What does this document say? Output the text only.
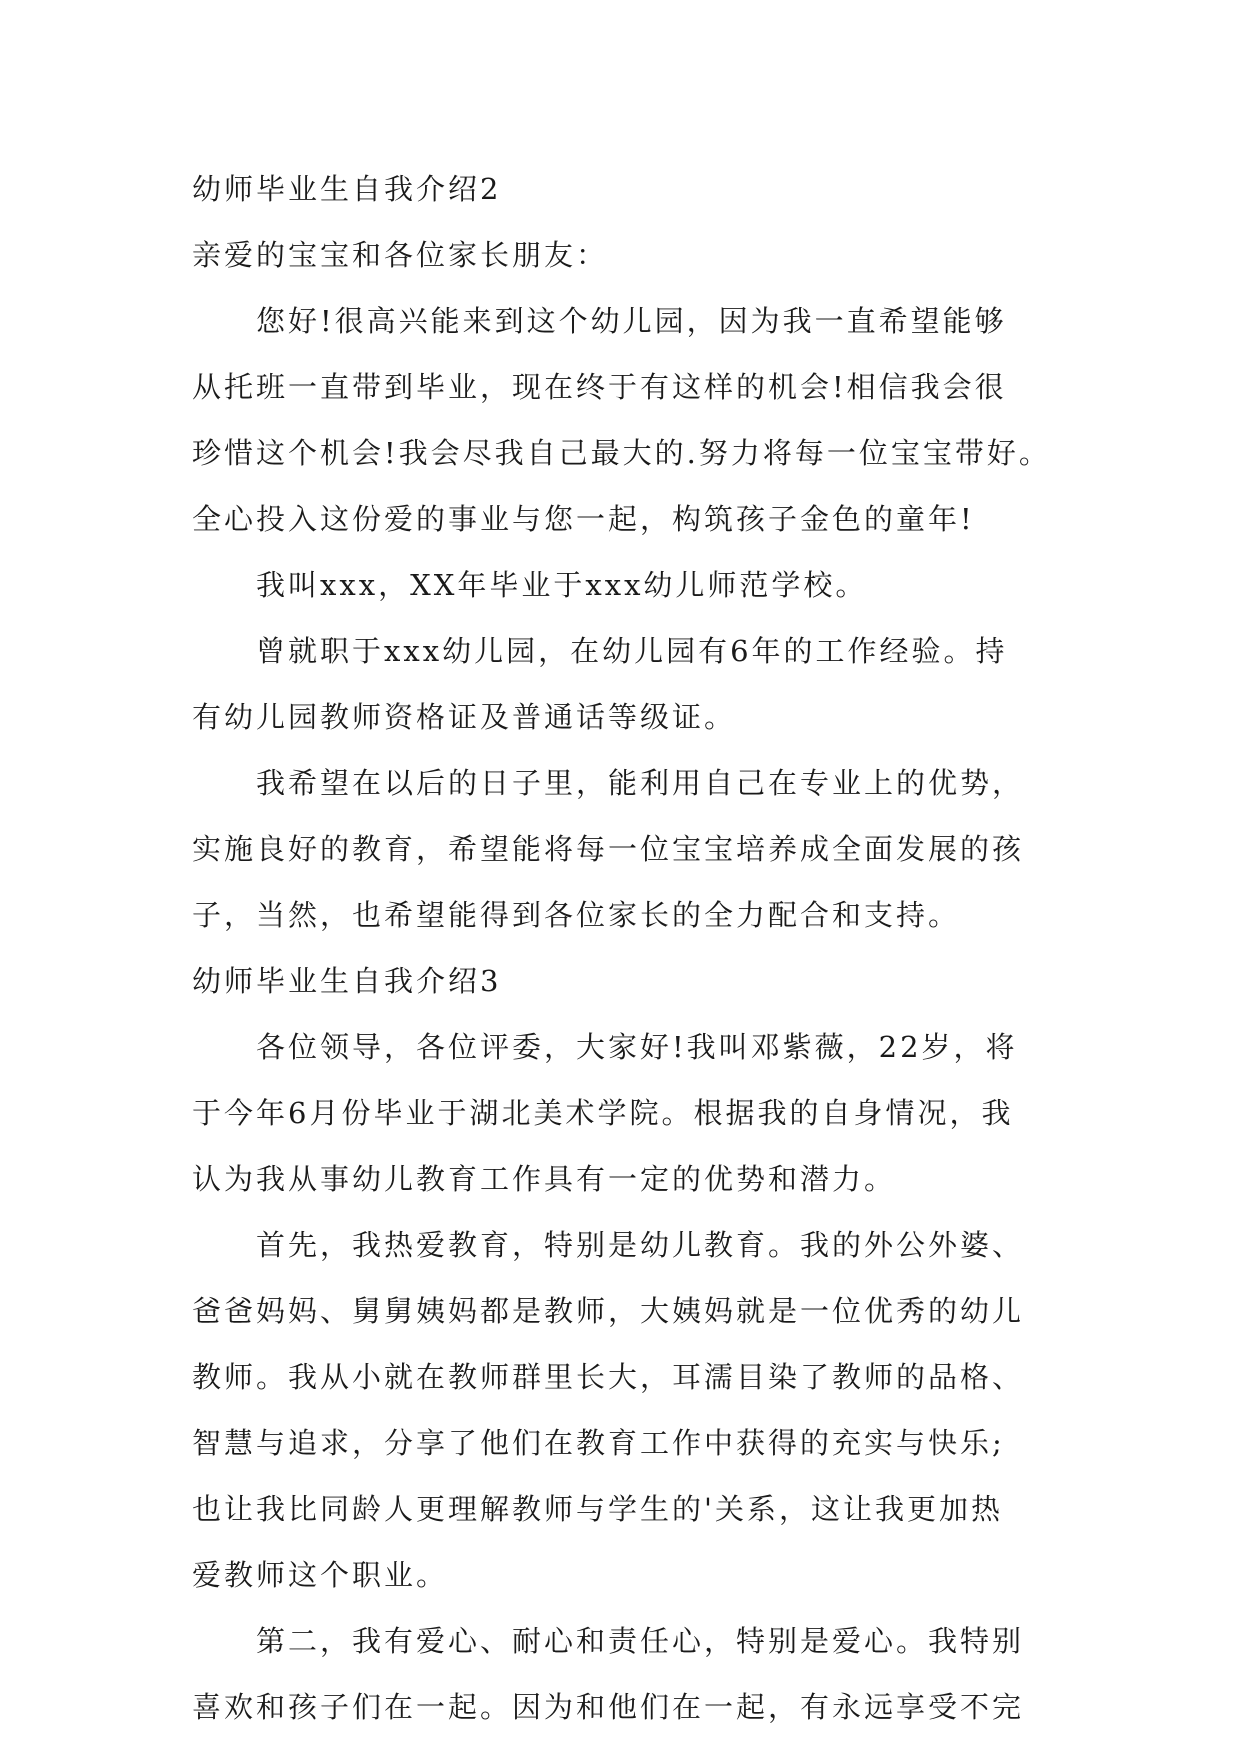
幼师毕业生自我介绍2
亲爱的宝宝和各位家长朋友：
您好!很高兴能来到这个幼儿园，因为我一直希望能够
从托班一直带到毕业，现在终于有这样的机会!相信我会很
珍惜这个机会!我会尽我自己最大的.努力将每一位宝宝带好。
全心投入这份爱的事业与您一起，构筑孩子金色的童年!
我叫xxx，XX年毕业于xxx幼儿师范学校。
曾就职于xxx幼儿园，在幼儿园有6年的工作经验。持
有幼儿园教师资格证及普通话等级证。
我希望在以后的日子里，能利用自己在专业上的优势，
实施良好的教育，希望能将每一位宝宝培养成全面发展的孩
子，当然，也希望能得到各位家长的全力配合和支持。
幼师毕业生自我介绍3
各位领导，各位评委，大家好!我叫邓紫薇，22岁，将
于今年6月份毕业于湖北美术学院。根据我的自身情况，我
认为我从事幼儿教育工作具有一定的优势和潜力。
首先，我热爱教育，特别是幼儿教育。我的外公外婆、
爸爸妈妈、舅舅姨妈都是教师，大姨妈就是一位优秀的幼儿
教师。我从小就在教师群里长大，耳濡目染了教师的品格、
智慧与追求，分享了他们在教育工作中获得的充实与快乐;
也让我比同龄人更理解教师与学生的'关系，这让我更加热
爱教师这个职业。
第二，我有爱心、耐心和责任心，特别是爱心。我特别
喜欢和孩子们在一起。因为和他们在一起，有永远享受不完
